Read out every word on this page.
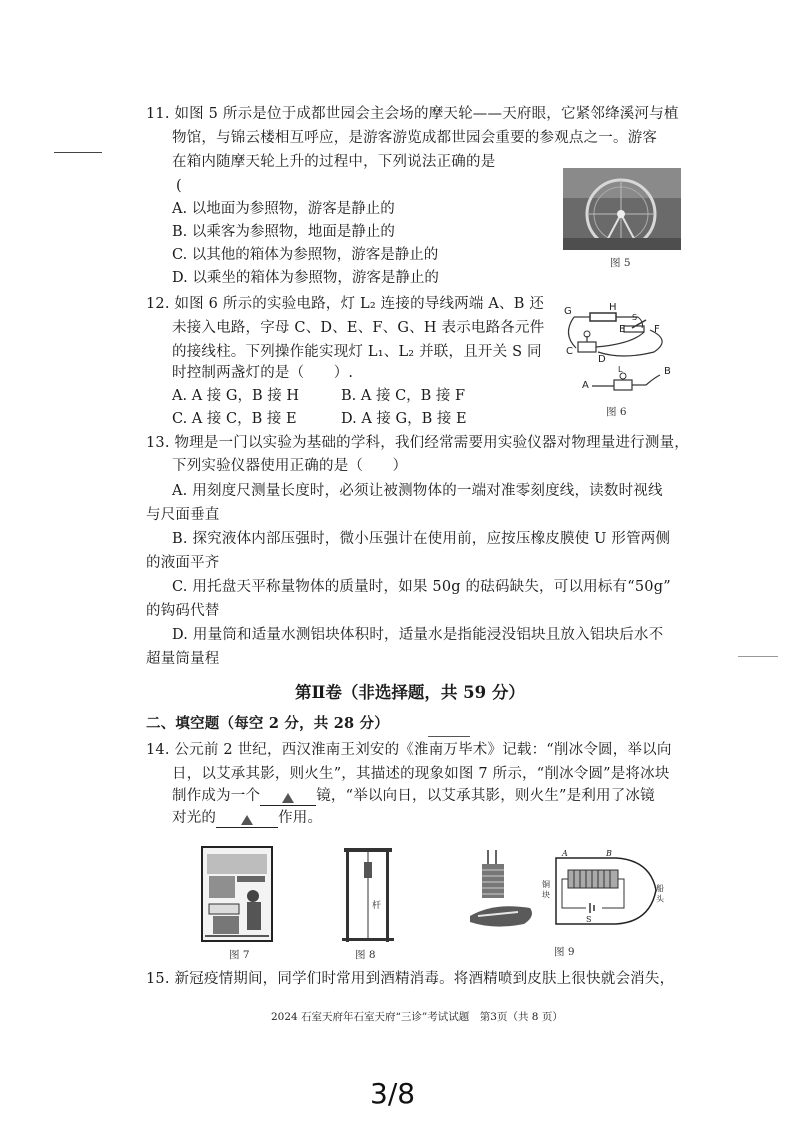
11. 如图 5 所示是位于成都世园会主会场的摩天轮——天府眼，它紧邻绛溪河与植
物馆，与锦云楼相互呼应，是游客游览成都世园会重要的参观点之一。游客
在箱内随摩天轮上升的过程中，下列说法正确的是
(
A. 以地面为参照物，游客是静止的
B. 以乘客为参照物，地面是静止的
C. 以其他的箱体为参照物，游客是静止的
D. 以乘坐的箱体为参照物，游客是静止的
图 5
12. 如图 6 所示的实验电路，灯 L₂ 连接的导线两端 A、B 还
未接入电路，字母 C、D、E、F、G、H 表示电路各元件
的接线柱。下列操作能实现灯 L₁、L₂ 并联，且开关 S 同
时控制两盏灯的是（　　）.
A. A 接 G，B 接 H	B. A 接 C，B 接 F
C. A 接 C，B 接 E	D. A 接 G，B 接 E
G	H
S
E	F
C
D
A
B
L
图 6
13. 物理是一门以实验为基础的学科，我们经常需要用实验仪器对物理量进行测量，
下列实验仪器使用正确的是（　　）
A. 用刻度尺测量长度时，必须让被测物体的一端对准零刻度线，读数时视线
与尺面垂直
B. 探究液体内部压强时，微小压强计在使用前，应按压橡皮膜使 U 形管两侧
的液面平齐
C. 用托盘天平称量物体的质量时，如果 50g 的砝码缺失，可以用标有“50g”
的钩码代替
D. 用量筒和适量水测铝块体积时，适量水是指能浸没铝块且放入铝块后水不
超量筒量程
第Ⅱ卷（非选择题，共 59 分）
二、填空题（每空 2 分，共 28 分）
14. 公元前 2 世纪，西汉淮南王刘安的《淮南万毕术》记载：“削冰令圆，举以向
日，以艾承其影，则火生”，其描述的现象如图 7 所示，“削冰令圆”是将冰块
制作成为一个	镜，“举以向日，以艾承其影，则火生”是利用了冰镜
对光的	作用。
图 7
杆
图 8
S
A	B
铜 块	船 头
图 9
15. 新冠疫情期间，同学们时常用到酒精消毒。将酒精喷到皮肤上很快就会消失，
2024 石室天府年石室天府“三诊”考试试题　第3页（共 8 页）
3/8
